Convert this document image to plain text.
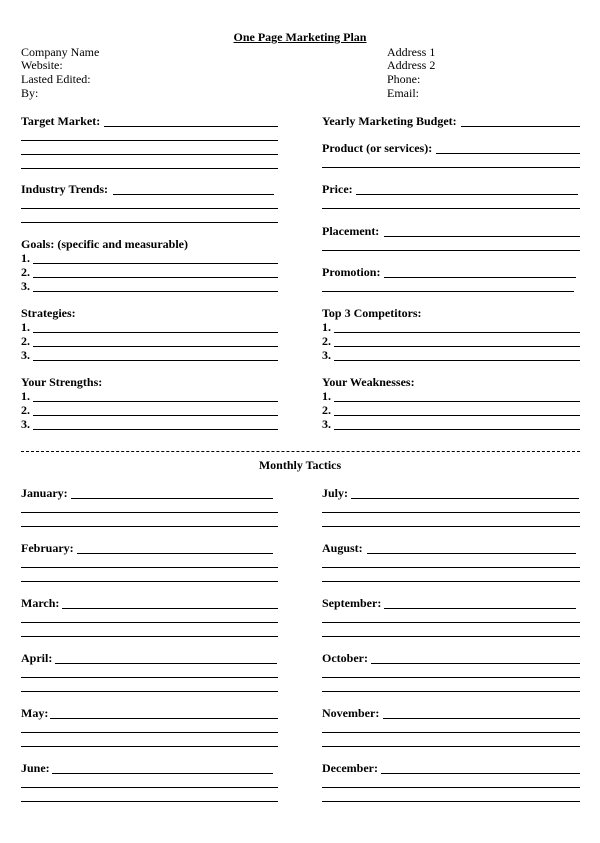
One Page Marketing Plan
Company Name
Website:
Lasted Edited:
By:
Address 1
Address 2
Phone:
Email:
Target Market:
Industry Trends:
Goals: (specific and measurable)
1.
2.
3.
Strategies:
1.
2.
3.
Your Strengths:
1.
2.
3.
Yearly Marketing Budget:
Product (or services):
Price:
Placement:
Promotion:
Top 3 Competitors:
1.
2.
3.
Your Weaknesses:
1.
2.
3.
Monthly Tactics
January:
February:
March:
April:
May:
June:
July:
August:
September:
October:
November:
December:
